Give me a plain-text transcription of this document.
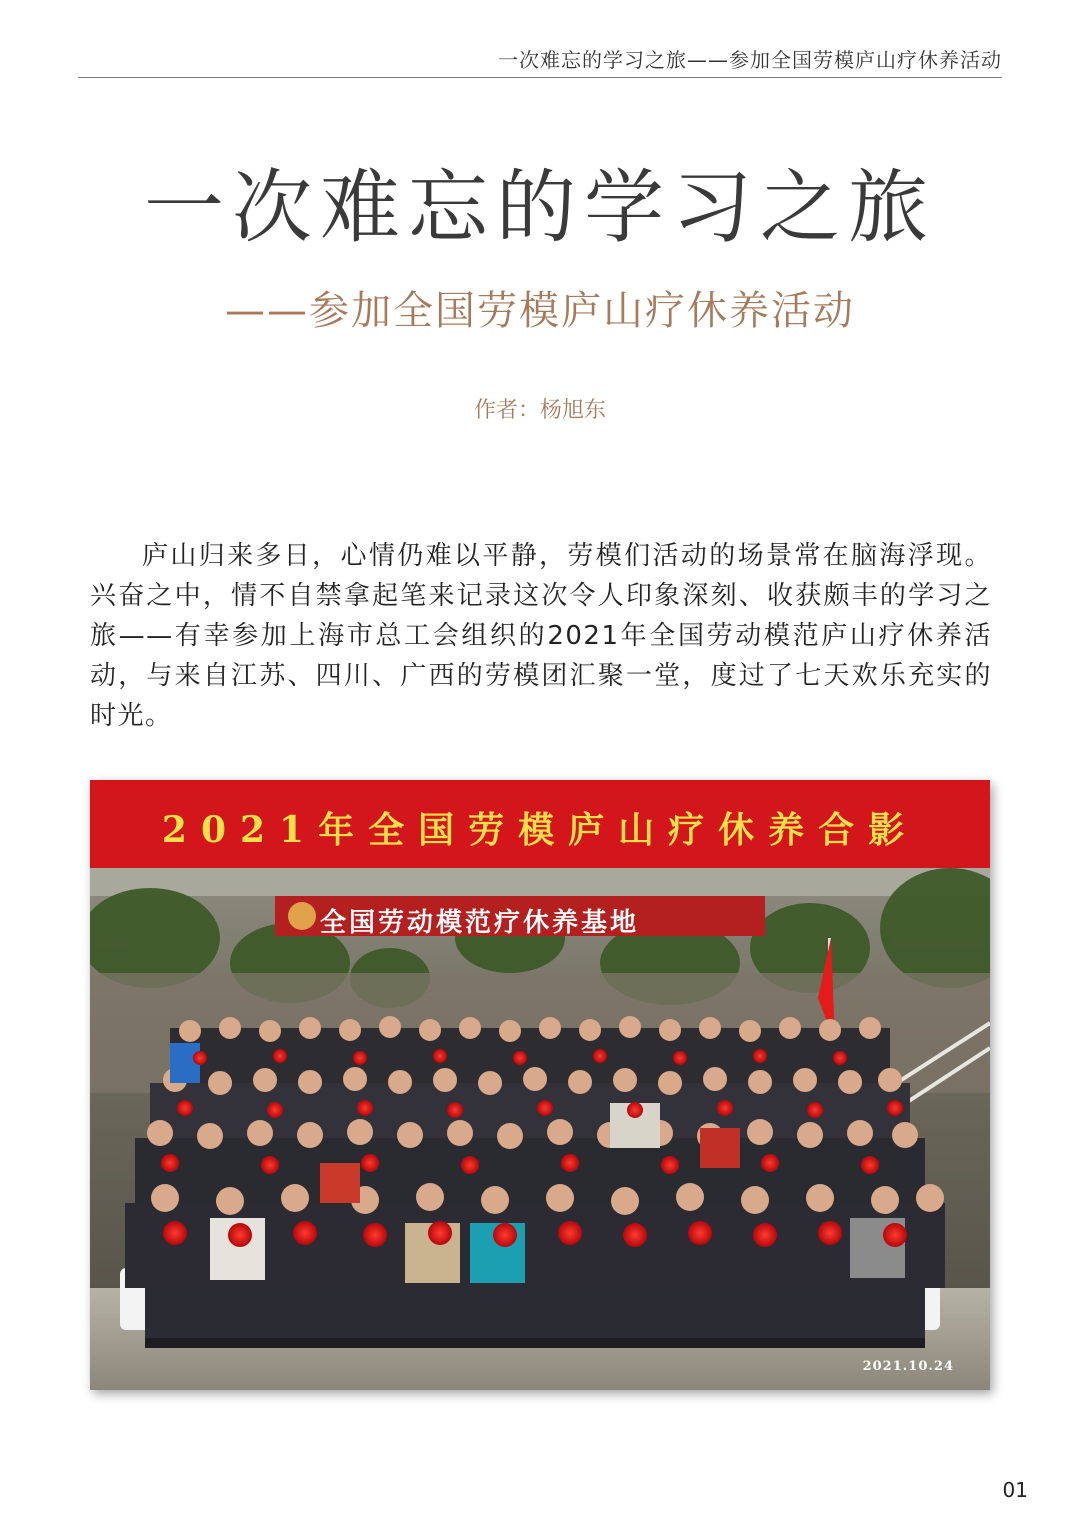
一次难忘的学习之旅——参加全国劳模庐山疗休养活动
一次难忘的学习之旅
——参加全国劳模庐山疗休养活动
作者：杨旭东

庐山归来多日，心情仍难以平静，劳模们活动的场景常在脑海浮现。兴奋之中，情不自禁拿起笔来记录这次令人印象深刻、收获颇丰的学习之旅——有幸参加上海市总工会组织的2021年全国劳动模范庐山疗休养活动，与来自江苏、四川、广西的劳模团汇聚一堂，度过了七天欢乐充实的时光。

2021年全国劳模庐山疗休养合影
全国劳动模范疗休养基地
2021.10.24
01
